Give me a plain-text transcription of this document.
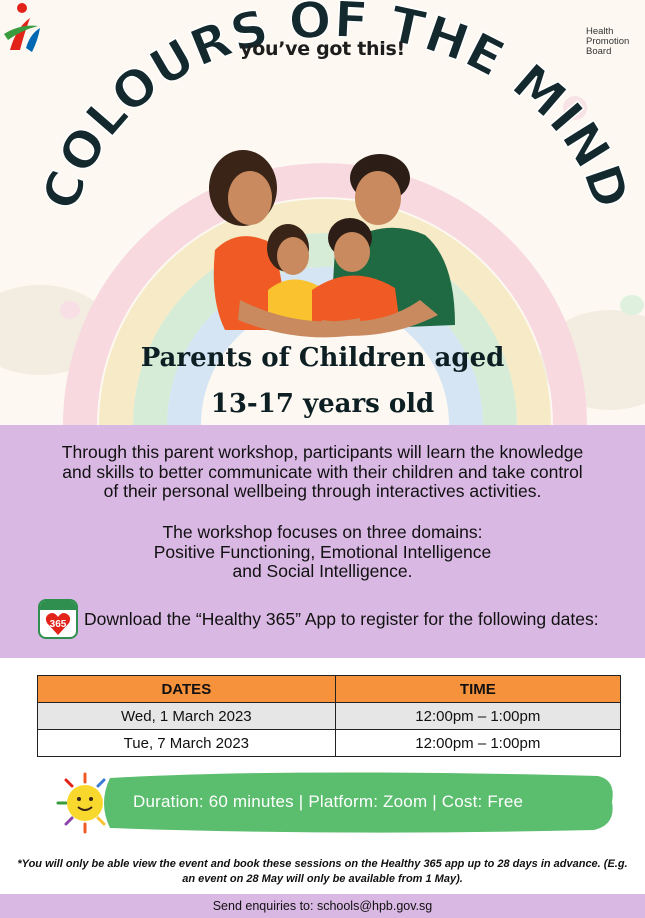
COLOURS OF THE MIND
you’ve got this!
Health
Promotion
Board
Parents of Children aged
13-17 years old
Through this parent workshop, participants will learn the knowledge
and skills to better communicate with their children and take control
of their personal wellbeing through interactives activities.
The workshop focuses on three domains:
Positive Functioning, Emotional Intelligence
and Social Intelligence.
365	Download the “Healthy 365” App to register for the following dates:
DATES	TIME
Wed, 1 March 2023	12:00pm – 1:00pm
Tue, 7 March 2023	12:00pm – 1:00pm
Duration: 60 minutes | Platform: Zoom | Cost: Free
*You will only be able view the event and book these sessions on the Healthy 365 app up to 28 days in advance. (E.g. an event on 28 May will only be available from 1 May).
Send enquiries to: schools@hpb.gov.sg
